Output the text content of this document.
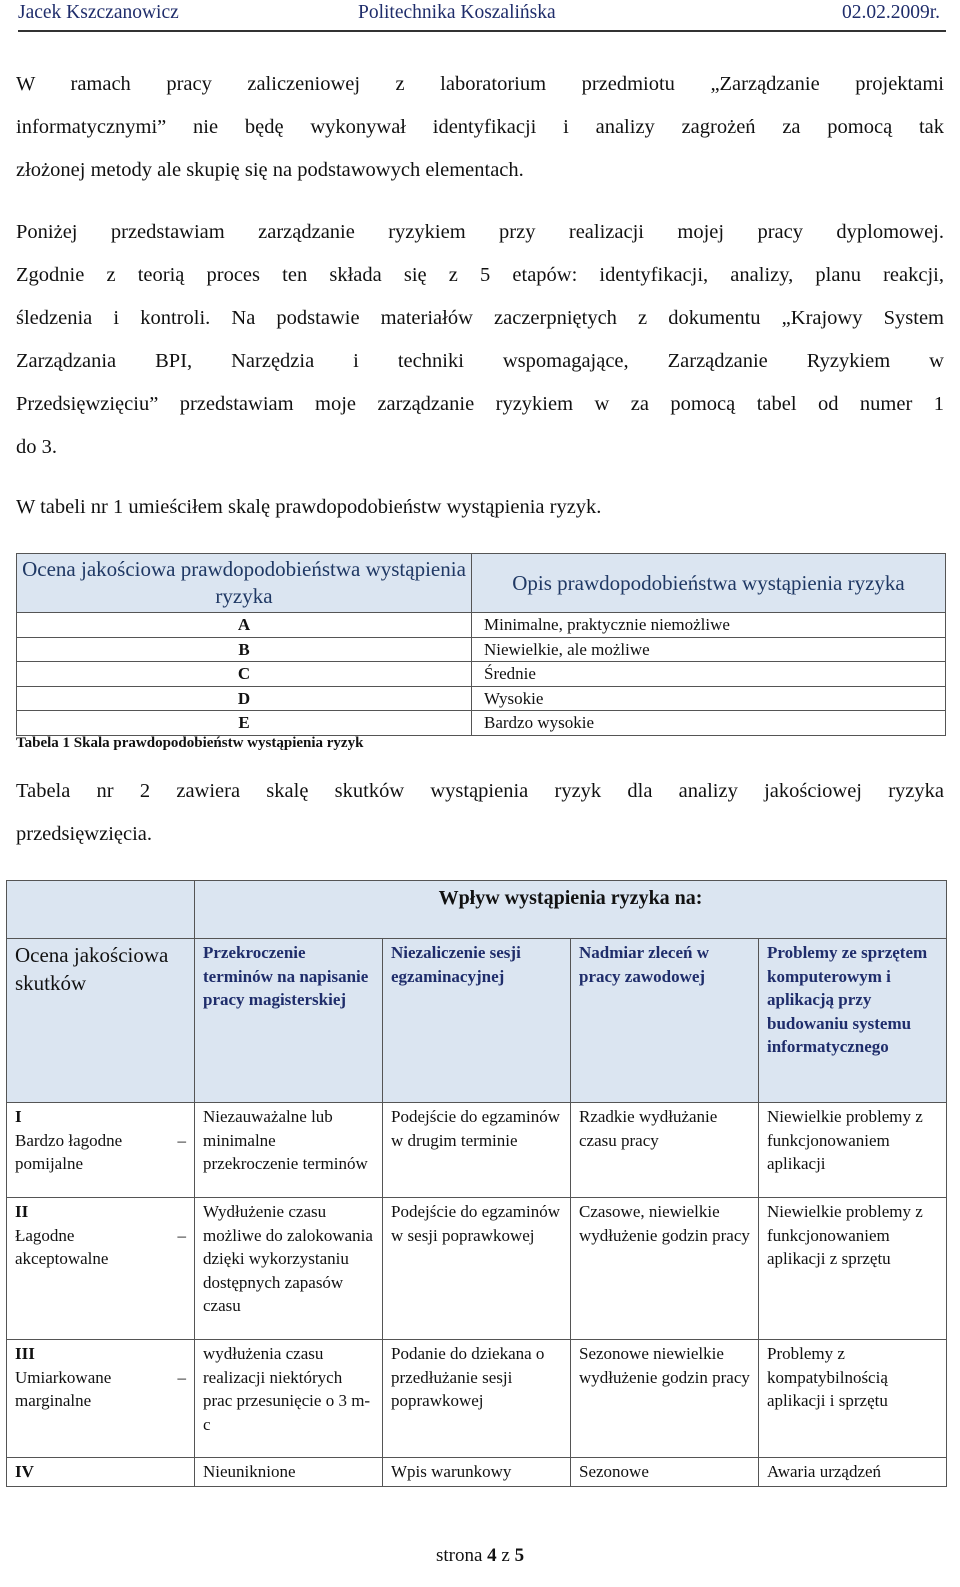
Jacek Kszczanowicz	Politechnika Koszalińska	02.02.2009r.
W ramach pracy zaliczeniowej z laboratorium przedmiotu „Zarządzanie projektami
informatycznymi” nie będę wykonywał identyfikacji i analizy zagrożeń za pomocą tak
złożonej metody ale skupię się na podstawowych elementach.
Poniżej przedstawiam zarządzanie ryzykiem przy realizacji mojej pracy dyplomowej.
Zgodnie z teorią proces ten składa się z 5 etapów: identyfikacji, analizy, planu reakcji,
śledzenia i kontroli. Na podstawie materiałów zaczerpniętych z dokumentu „Krajowy System
Zarządzania BPI, Narzędzia i techniki wspomagające, Zarządzanie Ryzykiem w
Przedsięwzięciu” przedstawiam moje zarządzanie ryzykiem w za pomocą tabel od numer 1
do 3.
W tabeli nr 1 umieściłem skalę prawdopodobieństw wystąpienia ryzyk.
Ocena jakościowa prawdopodobieństwa wystąpienia ryzyka	Opis prawdopodobieństwa wystąpienia ryzyka
A	Minimalne, praktycznie niemożliwe
B	Niewielkie, ale możliwe
C	Średnie
D	Wysokie
E	Bardzo wysokie
Tabela 1 Skala prawdopodobieństw wystąpienia ryzyk
Tabela nr 2 zawiera skalę skutków wystąpienia ryzyk dla analizy jakościowej ryzyka
przedsięwzięcia.
	Wpływ wystąpienia ryzyka na:			
Ocena jakościowa skutków	Przekroczenie terminów na napisanie pracy magisterskiej	Niezaliczenie sesji egzaminacyjnej	Nadmiar zleceń w pracy zawodowej	Problemy ze sprzętem komputerowym i aplikacją przy budowaniu systemu informatycznego

I
Bardzo łagodne –
pomijalne	Niezauważalne lub minimalne przekroczenie terminów	Podejście do egzaminów w drugim terminie	Rzadkie wydłużanie czasu pracy	Niewielkie problemy z funkcjonowaniem aplikacji

II
Łagodne –
akceptowalne	Wydłużenie czasu możliwe do zalokowania dzięki wykorzystaniu dostępnych zapasów czasu	Podejście do egzaminów w sesji poprawkowej	Czasowe, niewielkie wydłużenie godzin pracy	Niewielkie problemy z funkcjonowaniem aplikacji z sprzętu

III
Umiarkowane –
marginalne	wydłużenia czasu realizacji niektórych prac przesunięcie o 3 m-c	Podanie do dziekana o przedłużanie sesji poprawkowej	Sezonowe niewielkie wydłużenie godzin pracy	Problemy z kompatybilnością aplikacji i sprzętu
IV	Nieuniknione	Wpis warunkowy	Sezonowe	Awaria urządzeń
strona 4 z 5
